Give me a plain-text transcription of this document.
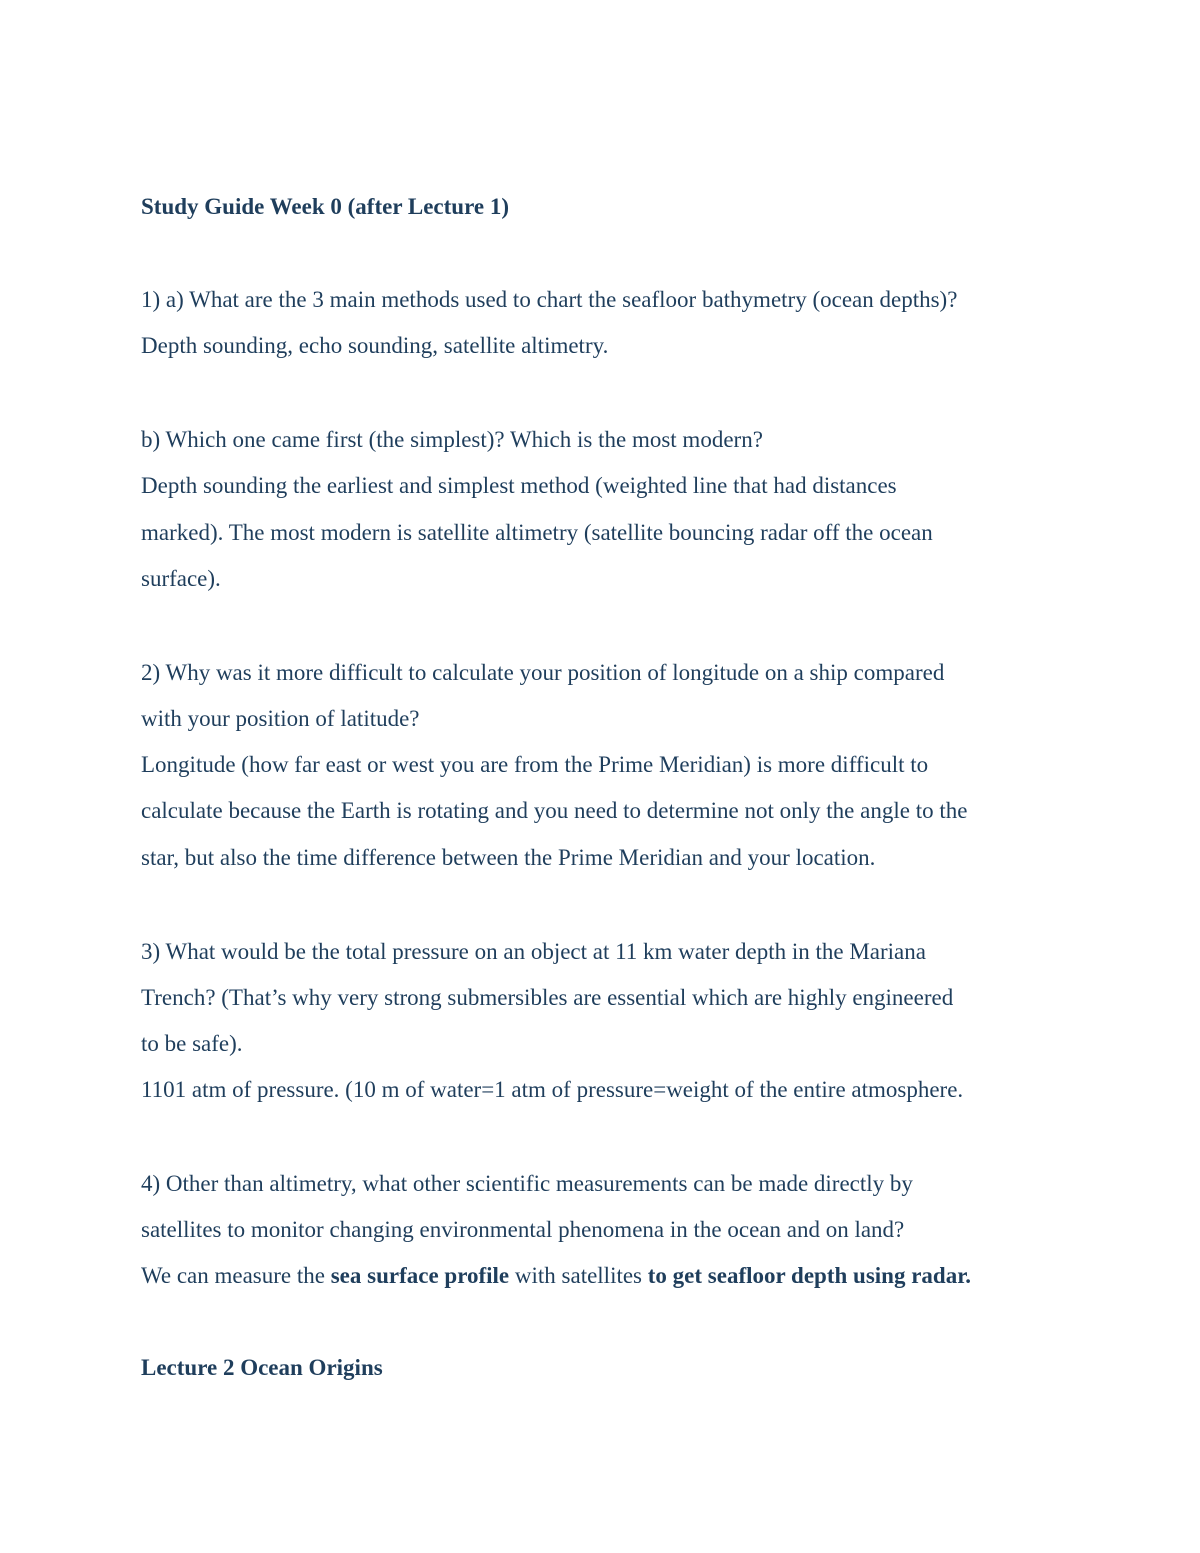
Study Guide Week 0 (after Lecture 1)
1) a) What are the 3 main methods used to chart the seafloor bathymetry (ocean depths)?
Depth sounding, echo sounding, satellite altimetry.
b) Which one came first (the simplest)? Which is the most modern?
Depth sounding the earliest and simplest method (weighted line that had distances
marked). The most modern is satellite altimetry (satellite bouncing radar off the ocean
surface).
2) Why was it more difficult to calculate your position of longitude on a ship compared
with your position of latitude?
Longitude (how far east or west you are from the Prime Meridian) is more difficult to
calculate because the Earth is rotating and you need to determine not only the angle to the
star, but also the time difference between the Prime Meridian and your location.
3) What would be the total pressure on an object at 11 km water depth in the Mariana
Trench? (That’s why very strong submersibles are essential which are highly engineered
to be safe).
1101 atm of pressure. (10 m of water=1 atm of pressure=weight of the entire atmosphere.
4) Other than altimetry, what other scientific measurements can be made directly by
satellites to monitor changing environmental phenomena in the ocean and on land?
We can measure the sea surface profile with satellites to get seafloor depth using radar.
Lecture 2 Ocean Origins
